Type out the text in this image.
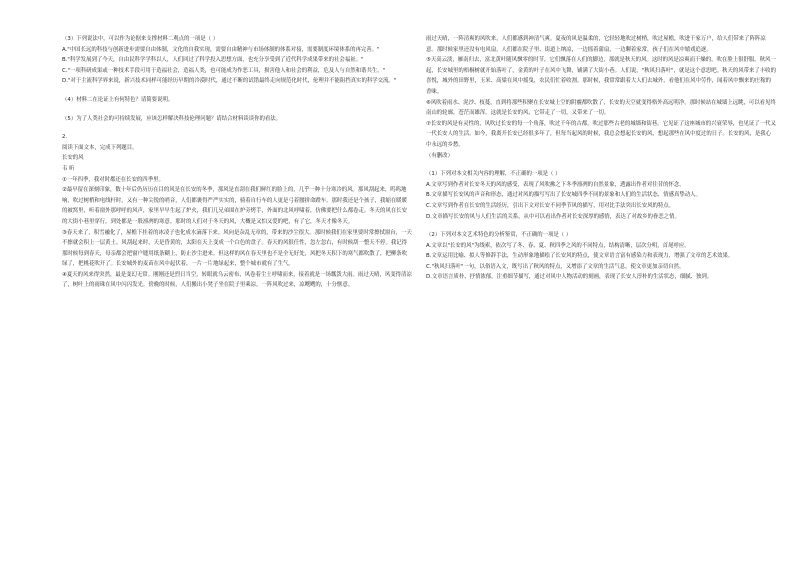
（3）下列说法中，可以作为论据来支撑材料二观点的一项是（ ）

A."中国长远的科技与创新进步需要自由体制，文化的自我实现，需要自由精神与市场体制的体系对接，需要制度环境体系的再完善。"

B."科学发展到了今天，自由民科学学科以人，人们回过了科学投入思想方面，也充分享受到了近代科学成果带来的社会福祉。"

C."一项科研成果或一种技术手段可用于造福社会，造福人类，也可能成为作恶工具，损害他人和社会的利益，危及人与自然和谐共生。"

D."对于主流科学界来说，新兴技术同样可能经历早期的冷漠时代，通过不断的试错最终走向规范化时代，伦理并不能阻挡真实的科学交流。"

（4）材料二在论证上有何特色？请简要说明。

（5）为了人类社会的可持续发展，应该怎样解决科技伦理问题？请结合材料谈谈你的看法。

2.

阅读下面文本，完成下列题目。

长安的风

韦 昕

①一年四季，我对时都还在长安的四季里。

②最早留在深刻印象，数十年后仍历历在目的风是在长安的冬季，那风是直刮在我们鲜红的脸上的，几乎一种十分寒冷的风。那风刮起来，呜呜地响，吹过树梢和电线杆时，又有一种尖锐的哨音，人们都裹得严严实实的，骑着自行车的人更是弓着腰拼命蹬车。那时我还是个孩子，我缩在暖暖的被窝里，听着窗外那呼呼的风声，家里早早生起了炉火，我们几兄弟围在炉旁烤手，外面的北风呼啸着，仿佛要把什么都卷走。冬天的风在长安的大街小巷里穿行，到处都是一股凛冽的寒意。那时的人们对于冬天的风，大概是又怕又爱的吧，有了它，冬天才像冬天。

③春天来了，积雪融化了，屋檐下挂着的冰凌子也化成水滴落下来。风向是杂乱无章的，带来的沙尘很大。那时候我们在家里要时常擦拭窗台，一天不擦就会积上一层黄土。风刮起来时，天是昏黄的，太阳在天上变成一个白色的盘子。春天的风很任性，忽左忽右，有时候刮一整天不停。我记得那时候每到春天，母亲都会把窗户缝用纸条糊上，防止沙尘进来。但这样的风在春天里也不是全无好处，风把冬天积下的寒气都吹散了，把柳条吹绿了，把桃花吹开了。长安城外的麦苗在风中起伏着，一片一片地绿起来，整个城市就有了生气。

④夏天的风来得突然，最是变幻无常。刚刚还是烈日当空，转眼就乌云密布，风卷着尘土呼啸而来，接着就是一场瓢泼大雨。雨过天晴，风变得清凉了，树叶上的雨珠在风中闪闪发光。傍晚的时候，人们搬出小凳子坐在院子里乘凉，一阵风吹过来，凉飕飕的，十分惬意。

雨过天晴，一阵清爽的风吹来，人们都感到神清气爽。夏夜的风是温柔的，它轻轻地吹过树梢，吹过屋檐，吹进千家万户，给人们带来了阵阵凉意。那时候家里还没有电风扇，人们都在院子里、街道上纳凉，一边摇着蒲扇，一边聊着家常，孩子们在风中嬉戏追逐。

⑤天高云淡，雁南归去，富北黄叶随风飘零的时节，它们飘落在人们的脚边，那就是秋天的风。这时的风是凉爽而干燥的，吹在脸上很舒服。秋风一起，长安城里的梧桐树就开始落叶了，金黄的叶子在风中飞舞，铺满了大街小巷。人们说，"秋风扫落叶"，就是这个意思吧。秋天的风带来了丰收的喜悦，城外的田野里，玉米、高粱在风中摇曳，农民们忙着收割。那时候，我常常跟着大人们去城外，看他们在风中劳作，闻着风中飘来的庄稼的香味。

⑥风吹着雨水、泥沙、枝蔓，直到将那些积聚在长安城上空的阴霾都吹散了，长安的天空就变得格外高远明净。那时候站在城墙上远眺，可以看见终南山的轮廓，苍茫而雄浑。这就是长安的风，它带走了一切，又带来了一切。

⑦长安的风是有灵性的，风吹过长安的每一个角落，吹过千年的古都，吹过那些古老的城墙和街巷。它见证了这座城市的兴衰荣辱，也见证了一代又一代长安人的生活。如今，我离开长安已经很多年了，但每当起风的时候，我总会想起长安的风，想起那些在风中度过的日子。长安的风，是我心中永远的乡愁。

（有删改）

（1）下列对本文相关内容的理解，不正确的一项是（ ）

A.文章写到作者对长安冬天的风的感受，表现了风吹拂之下冬季凛冽的自然景象，透露出作者对往昔的怀念。

B.文章描写长安风的声音和形态，通过对风的描写写出了长安城四季不同的景象和人们的生活状态，情感真挚动人。

C.文章写到作者在长安的生活经历，引出下文对长安不同季节风的描写，用对比手法突出长安风的特点。

D.文章描写长安的风与人们生活的关系，从中可以看出作者对长安深厚的感情，表达了对故乡的眷恋之情。

（2）下列对本文艺术特色的分析鉴赏，不正确的一项是（ ）

A.文章以"长安的风"为线索，依次写了冬、春、夏、秋四季之风的不同特点，结构清晰，层次分明，首尾呼应。

B.文章运用比喻、拟人等修辞手法，生动形象地描绘了长安风的特点，使文章语言富有感染力和表现力，增强了文章的艺术效果。

C."秋风扫落叶"一句，以俗语入文，既写出了秋风的特点，又增添了文章的生活气息，使文章更加亲切自然。

D.文章语言质朴、抒情浓郁，注重细节描写，通过对风中人物活动的刻画，表现了长安人淳朴的生活状态，细腻、独到。
